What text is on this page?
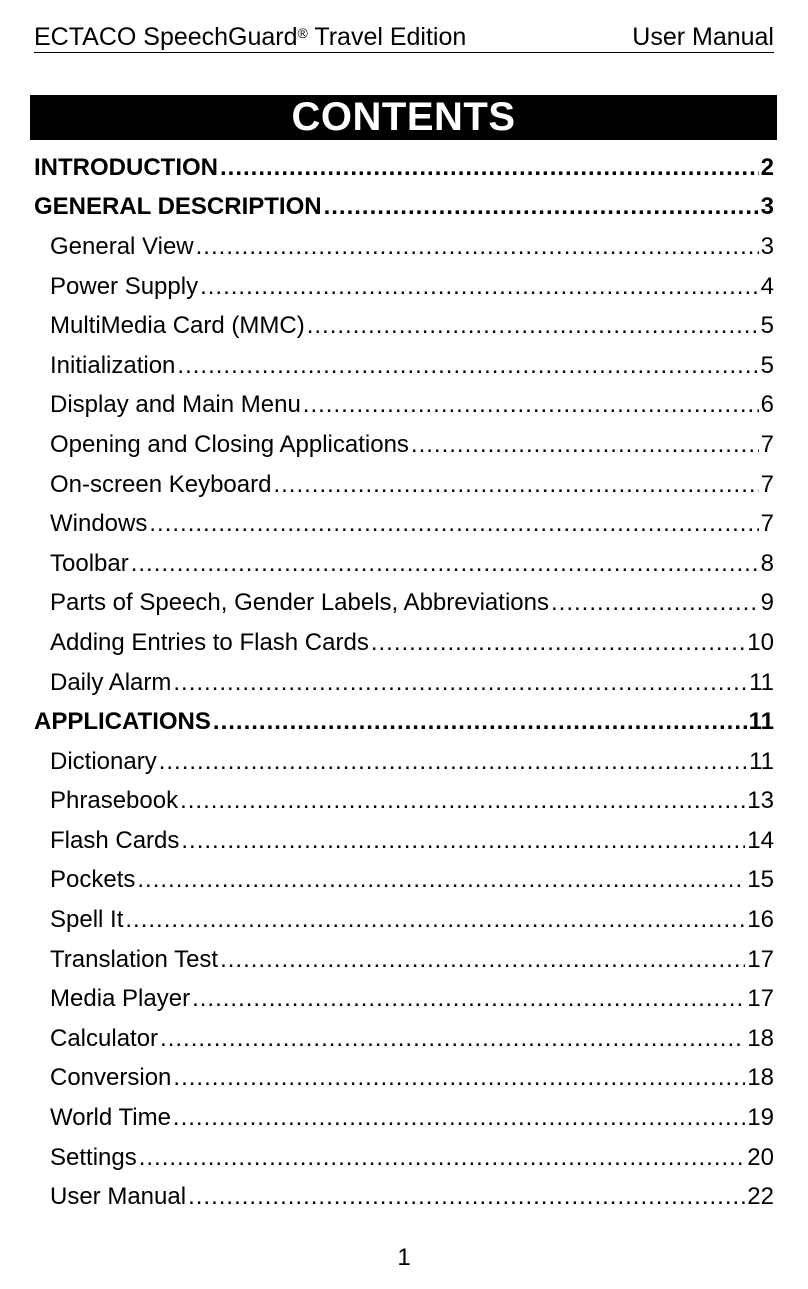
ECTACO SpeechGuard® Travel Edition	User Manual
CONTENTS
INTRODUCTION .....	2
GENERAL DESCRIPTION .....	3
General View .....	3
Power Supply .....	4
MultiMedia Card (MMC) .....	5
Initialization .....	5
Display and Main Menu .....	6
Opening and Closing Applications .....	7
On-screen Keyboard .....	7
Windows .....	7
Toolbar .....	8
Parts of Speech, Gender Labels, Abbreviations .....	9
Adding Entries to Flash Cards .....	10
Daily Alarm .....	11
APPLICATIONS .....	11
Dictionary .....	11
Phrasebook .....	13
Flash Cards .....	14
Pockets .....	15
Spell It .....	16
Translation Test .....	17
Media Player .....	17
Calculator .....	18
Conversion .....	18
World Time .....	19
Settings .....	20
User Manual .....	22
1
